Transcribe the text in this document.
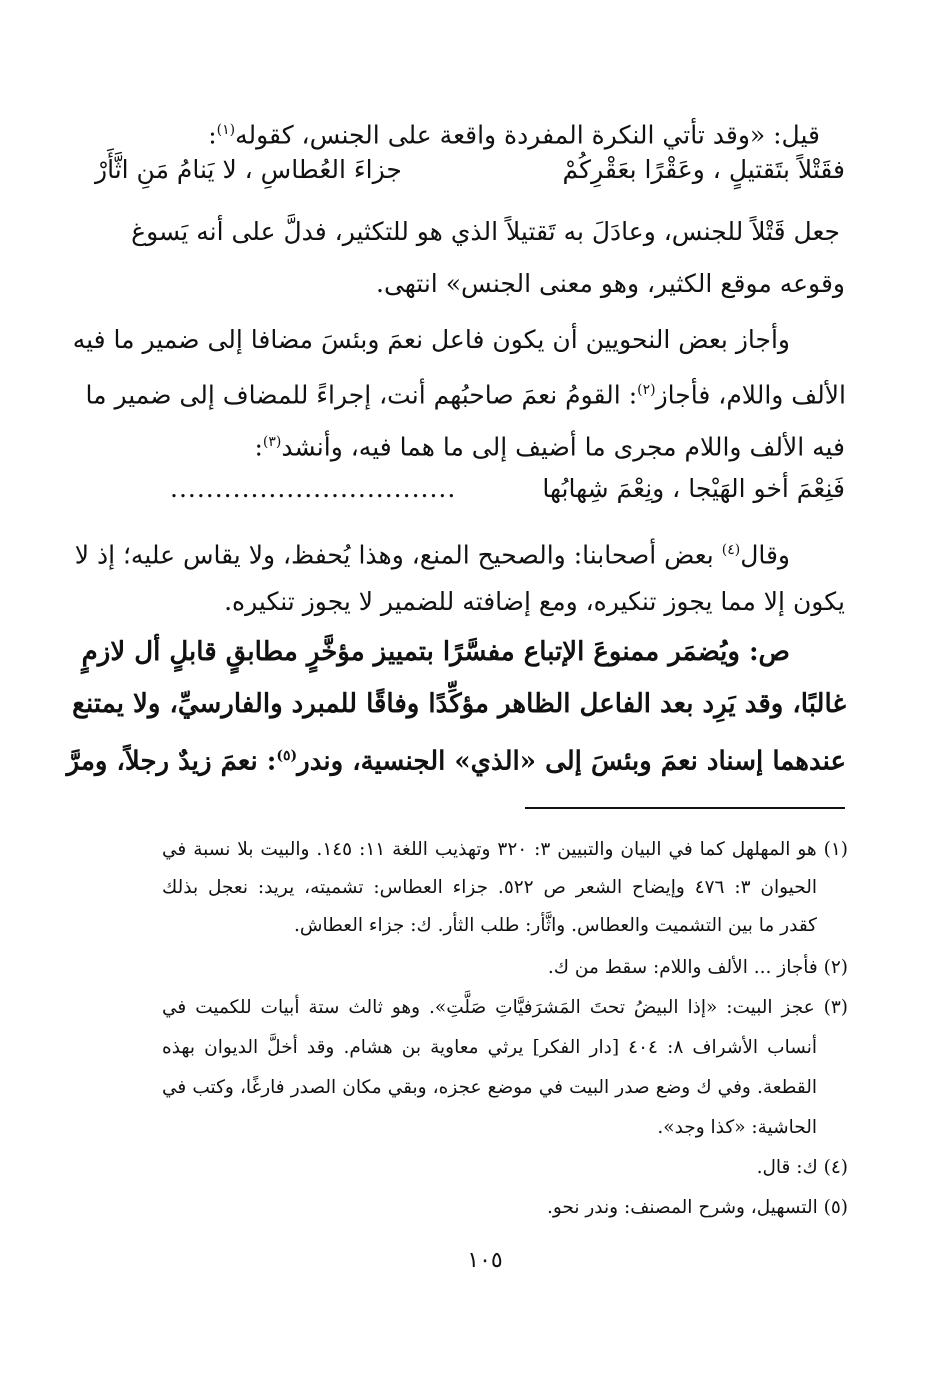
قيل: «وقد تأتي النكرة المفردة واقعة على الجنس، كقوله$^{(١)}$:
فقَتْلاً بتَقتيلٍ ، وعَقْرًا بعَقْرِكُمْ
جزاءَ العُطاسِ ، لا يَنامُ مَنِ اثَّأَرْ
جعل قَتْلاً للجنس، وعادَلَ به تَقتيلاً الذي هو للتكثير، فدلَّ على أنه يَسوغ
وقوعه موقع الكثير، وهو معنى الجنس» انتهى.
وأجاز بعض النحويين أن يكون فاعل نعمَ وبئسَ مضافا إلى ضمير ما فيه
الألف واللام، فأجاز$^{(٢)}$: القومُ نعمَ صاحبُهم أنت، إجراءً للمضاف إلى ضمير ما
فيه الألف واللام مجرى ما أضيف إلى ما هما فيه، وأنشد$^{(٣)}$:
فَنِعْمَ أخو الهَيْجا ، ونِعْمَ شِهابُها
................................
وقال$^{(٤)}$ بعض أصحابنا: والصحيح المنع، وهذا يُحفظ، ولا يقاس عليه؛ إذ لا
يكون إلا مما يجوز تنكيره، ومع إضافته للضمير لا يجوز تنكيره.
ص: ويُضمَر ممنوعَ الإتباع مفسَّرًا بتمييز مؤخَّرٍ مطابقٍ قابلٍ أل لازمٍ
غالبًا، وقد يَرِد بعد الفاعل الظاهر مؤكِّدًا وفاقًا للمبرد والفارسيِّ، ولا يمتنع
عندهما إسناد نعمَ وبئسَ إلى «الذي» الجنسية، وندر$^{(٥)}$: نعمَ زيدٌ رجلاً، ومرَّ
(١) هو المهلهل كما في البيان والتبيين ٣: ٣٢٠ وتهذيب اللغة ١١: ١٤٥. والبيت بلا نسبة في
الحيوان ٣: ٤٧٦ وإيضاح الشعر ص ٥٢٢. جزاء العطاس: تشميته، يريد: نعجل بذلك
كقدر ما بين التشميت والعطاس. واثَّأر: طلب الثأر. ك: جزاء العطاش.
(٢) فأجاز ... الألف واللام: سقط من ك.
(٣) عجز البيت: «إذا البيضُ تحتَ المَشرَفيَّاتِ صَلَّتِ». وهو ثالث ستة أبيات للكميت في
أنساب الأشراف ٨: ٤٠٤ [دار الفكر] يرثي معاوية بن هشام. وقد أخلَّ الديوان بهذه
القطعة. وفي ك وضع صدر البيت في موضع عجزه، وبقي مكان الصدر فارغًا، وكتب في
الحاشية: «كذا وجد».
(٤) ك: قال.
(٥) التسهيل، وشرح المصنف: وندر نحو.
١٠٥
